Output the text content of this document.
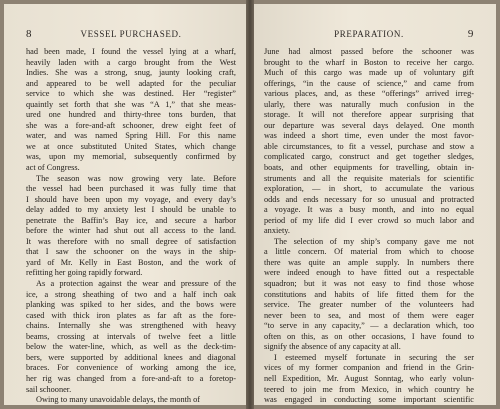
8	VESSEL PURCHASED.
had been made, I found the vessel lying at a wharf,
heavily laden with a cargo brought from the West
Indies. She was a strong, snug, jaunty looking craft,
and appeared to be well adapted for the peculiar
service to which she was destined. Her “register”
quaintly set forth that she was “A 1,” that she meas-
ured one hundred and thirty-three tons burden, that
she was a fore-and-aft schooner, drew eight feet of
water, and was named Spring Hill. For this name
we at once substituted United States, which change
was, upon my memorial, subsequently confirmed by
act of Congress.
The season was now growing very late. Before
the vessel had been purchased it was fully time that
I should have been upon my voyage, and every day’s
delay added to my anxiety lest I should be unable to
penetrate the Baffin’s Bay ice, and secure a harbor
before the winter had shut out all access to the land.
It was therefore with no small degree of satisfaction
that I saw the schooner on the ways in the ship-
yard of Mr. Kelly in East Boston, and the work of
refitting her going rapidly forward.
As a protection against the wear and pressure of the
ice, a strong sheathing of two and a half inch oak
planking was spiked to her sides, and the bows were
cased with thick iron plates as far aft as the fore-
chains. Internally she was strengthened with heavy
beams, crossing at intervals of twelve feet a little
below the water-line, which, as well as the deck-tim-
bers, were supported by additional knees and diagonal
braces. For convenience of working among the ice,
her rig was changed from a fore-and-aft to a foretop-
sail schooner.
Owing to many unavoidable delays, the month of
PREPARATION.	9
June had almost passed before the schooner was
brought to the wharf in Boston to receive her cargo.
Much of this cargo was made up of voluntary gift
offerings, “in the cause of science,” and came from
various places, and, as these “offerings” arrived irreg-
ularly, there was naturally much confusion in the
storage. It will not therefore appear surprising that
our departure was several days delayed. One month
was indeed a short time, even under the most favor-
able circumstances, to fit a vessel, purchase and stow a
complicated cargo, construct and get together sledges,
boats, and other equipments for travelling, obtain in-
struments and all the requisite materials for scientific
exploration, — in short, to accumulate the various
odds and ends necessary for so unusual and protracted
a voyage. It was a busy month, and into no equal
period of my life did I ever crowd so much labor and
anxiety.
The selection of my ship’s company gave me not
a little concern. Of material from which to choose
there was quite an ample supply. In numbers there
were indeed enough to have fitted out a respectable
squadron; but it was not easy to find those whose
constitutions and habits of life fitted them for the
service. The greater number of the volunteers had
never been to sea, and most of them were eager
“to serve in any capacity,” — a declaration which, too
often on this, as on other occasions, I have found to
signify the absence of any capacity at all.
I esteemed myself fortunate in securing the ser
vices of my former companion and friend in the Grin-
nell Expedition, Mr. August Sonntag, who early volun-
teered to join me from Mexico, in which country he
was engaged in conducting some important scientific
